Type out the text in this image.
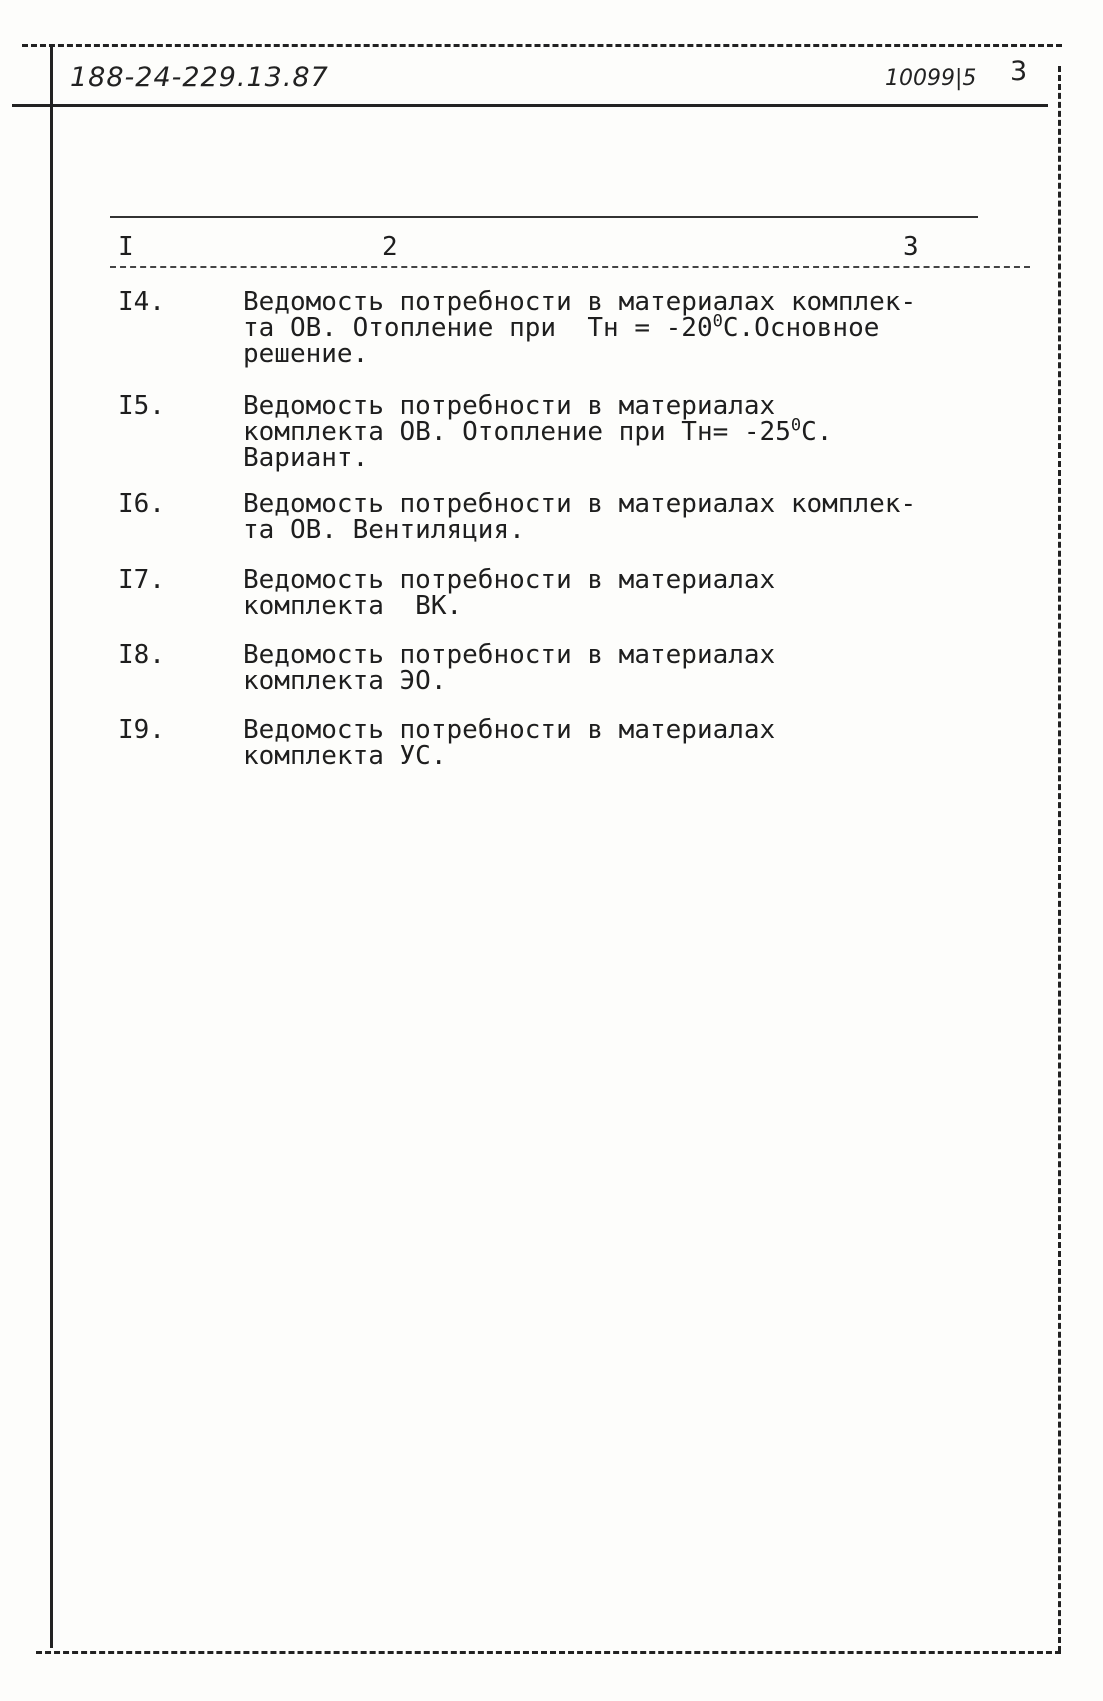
188-24-229.13.87	10099|5 3
I	2	3
I4.	Ведомость потребности в материалах комплек-
та ОВ. Отопление при  Тн = $-20^0С.Основное$
решение.
I5.	Ведомость потребности в материалах
комплекта ОВ. Отопление при $Тн= -25^0С$.
Вариант.
I6.	Ведомость потребности в материалах комплек-
та ОВ. Вентиляция.
I7.	Ведомость потребности в материалах
комплекта  ВК.
I8.	Ведомость потребности в материалах
комплекта ЭО.
I9.	Ведомость потребности в материалах
комплекта УС.
